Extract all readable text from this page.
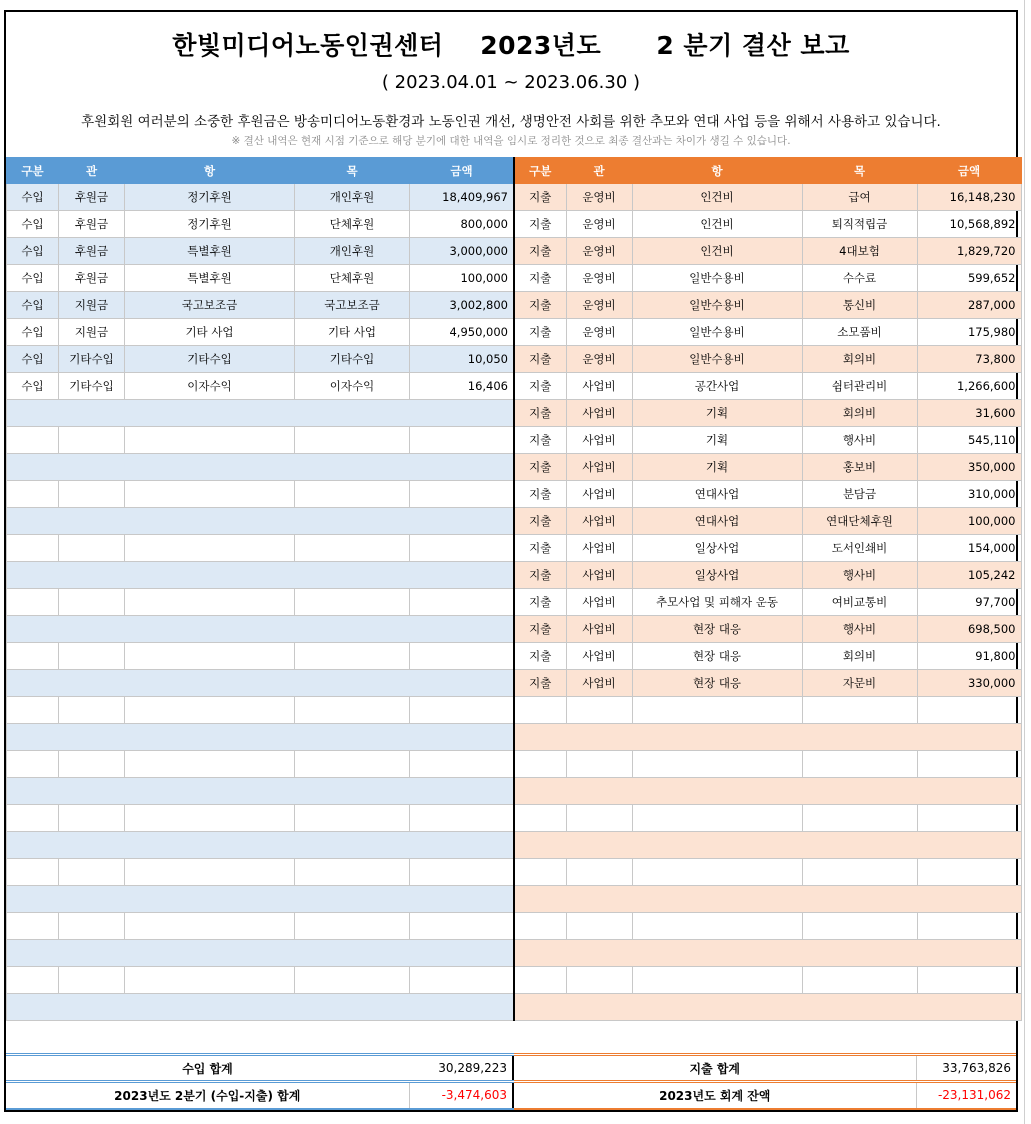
한빛미디어노동인권센터    2023년도      2 분기 결산 보고
( 2023.04.01 ~ 2023.06.30 )
후원회원 여러분의 소중한 후원금은 방송미디어노동환경과 노동인권 개선, 생명안전 사회를 위한 추모와 연대 사업 등을 위해서 사용하고 있습니다.
※ 결산 내역은 현재 시점 기준으로 해당 분기에 대한 내역을 임시로 정리한 것으로 최종 결산과는 차이가 생길 수 있습니다.
구분	관	항	목	금액
수입	후원금	정기후원	개인후원	18,409,967
수입	후원금	정기후원	단체후원	800,000
수입	후원금	특별후원	개인후원	3,000,000
수입	후원금	특별후원	단체후원	100,000
수입	지원금	국고보조금	국고보조금	3,002,800
수입	지원금	기타 사업	기타 사업	4,950,000
수입	기타수입	기타수입	기타수입	10,050
수입	기타수입	이자수익	이자수익	16,406

구분	관	항	목	금액
지출	운영비	인건비	급여	16,148,230
지출	운영비	인건비	퇴직적립금	10,568,892
지출	운영비	인건비	4대보험	1,829,720
지출	운영비	일반수용비	수수료	599,652
지출	운영비	일반수용비	통신비	287,000
지출	운영비	일반수용비	소모품비	175,980
지출	운영비	일반수용비	회의비	73,800
지출	사업비	공간사업	쉼터관리비	1,266,600
지출	사업비	기획	회의비	31,600
지출	사업비	기획	행사비	545,110
지출	사업비	기획	홍보비	350,000
지출	사업비	연대사업	분담금	310,000
지출	사업비	연대사업	연대단체후원	100,000
지출	사업비	일상사업	도서인쇄비	154,000
지출	사업비	일상사업	행사비	105,242
지출	사업비	추모사업 및 피해자 운동	여비교통비	97,700
지출	사업비	현장 대응	행사비	698,500
지출	사업비	현장 대응	회의비	91,800
지출	사업비	현장 대응	자문비	330,000

수입 합계	30,289,223	지출 합계	33,763,826
2023년도 2분기 (수입-지출) 합계	-3,474,603	2023년도 회계 잔액	-23,131,062
